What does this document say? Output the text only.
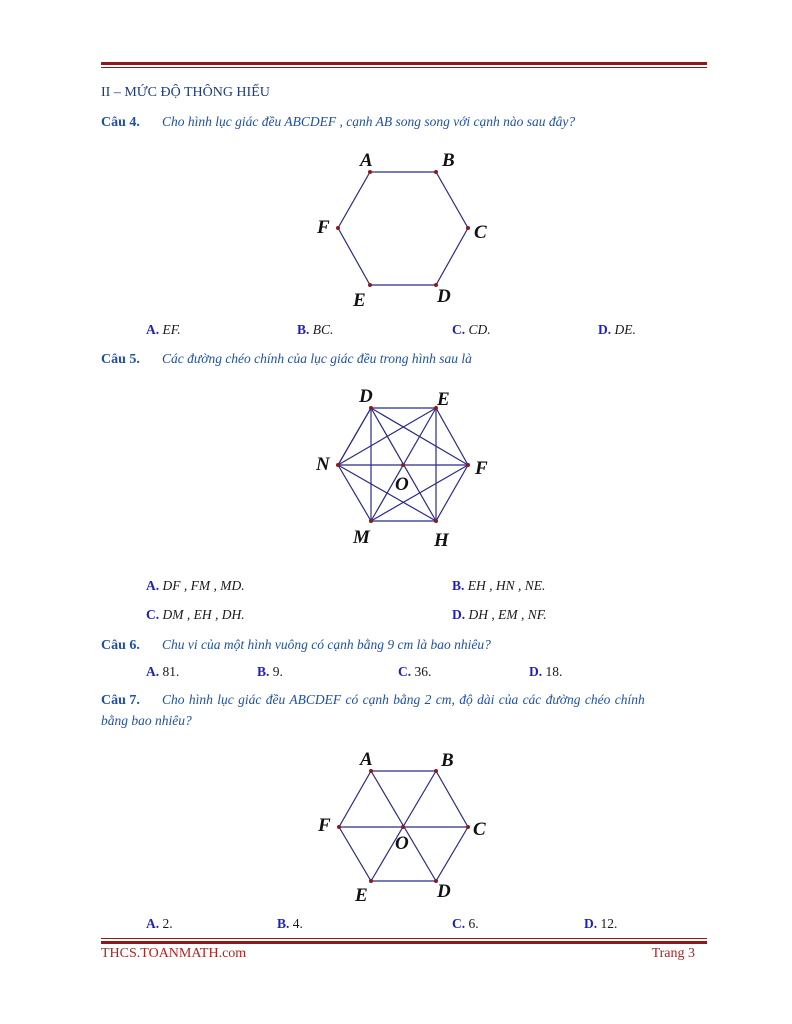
II – MỨC ĐỘ THÔNG HIỂU
Câu 4. Cho hình lục giác đều ABCDEF , cạnh AB song song với cạnh nào sau đây?
A	B
C
D
E
F
A. EF.	B. BC.	C. CD.	D. DE.
Câu 5. Các đường chéo chính của lục giác đều trong hình sau là
D	E
F
H
M
N
O
A. DF , FM , MD.	B. EH , HN , NE.
C. DM , EH , DH.	D. DH , EM , NF.
Câu 6. Chu vi của một hình vuông có cạnh bằng 9 cm là bao nhiêu?
A. 81.	B. 9.	C. 36.	D. 18.
Câu 7. Cho hình lục giác đều ABCDEF có cạnh bằng 2 cm, độ dài của các đường chéo chính
bằng bao nhiêu?
A	B
C
D
E
F
O
A. 2.	B. 4.	C. 6.	D. 12.
THCS.TOANMATH.com	Trang 3
